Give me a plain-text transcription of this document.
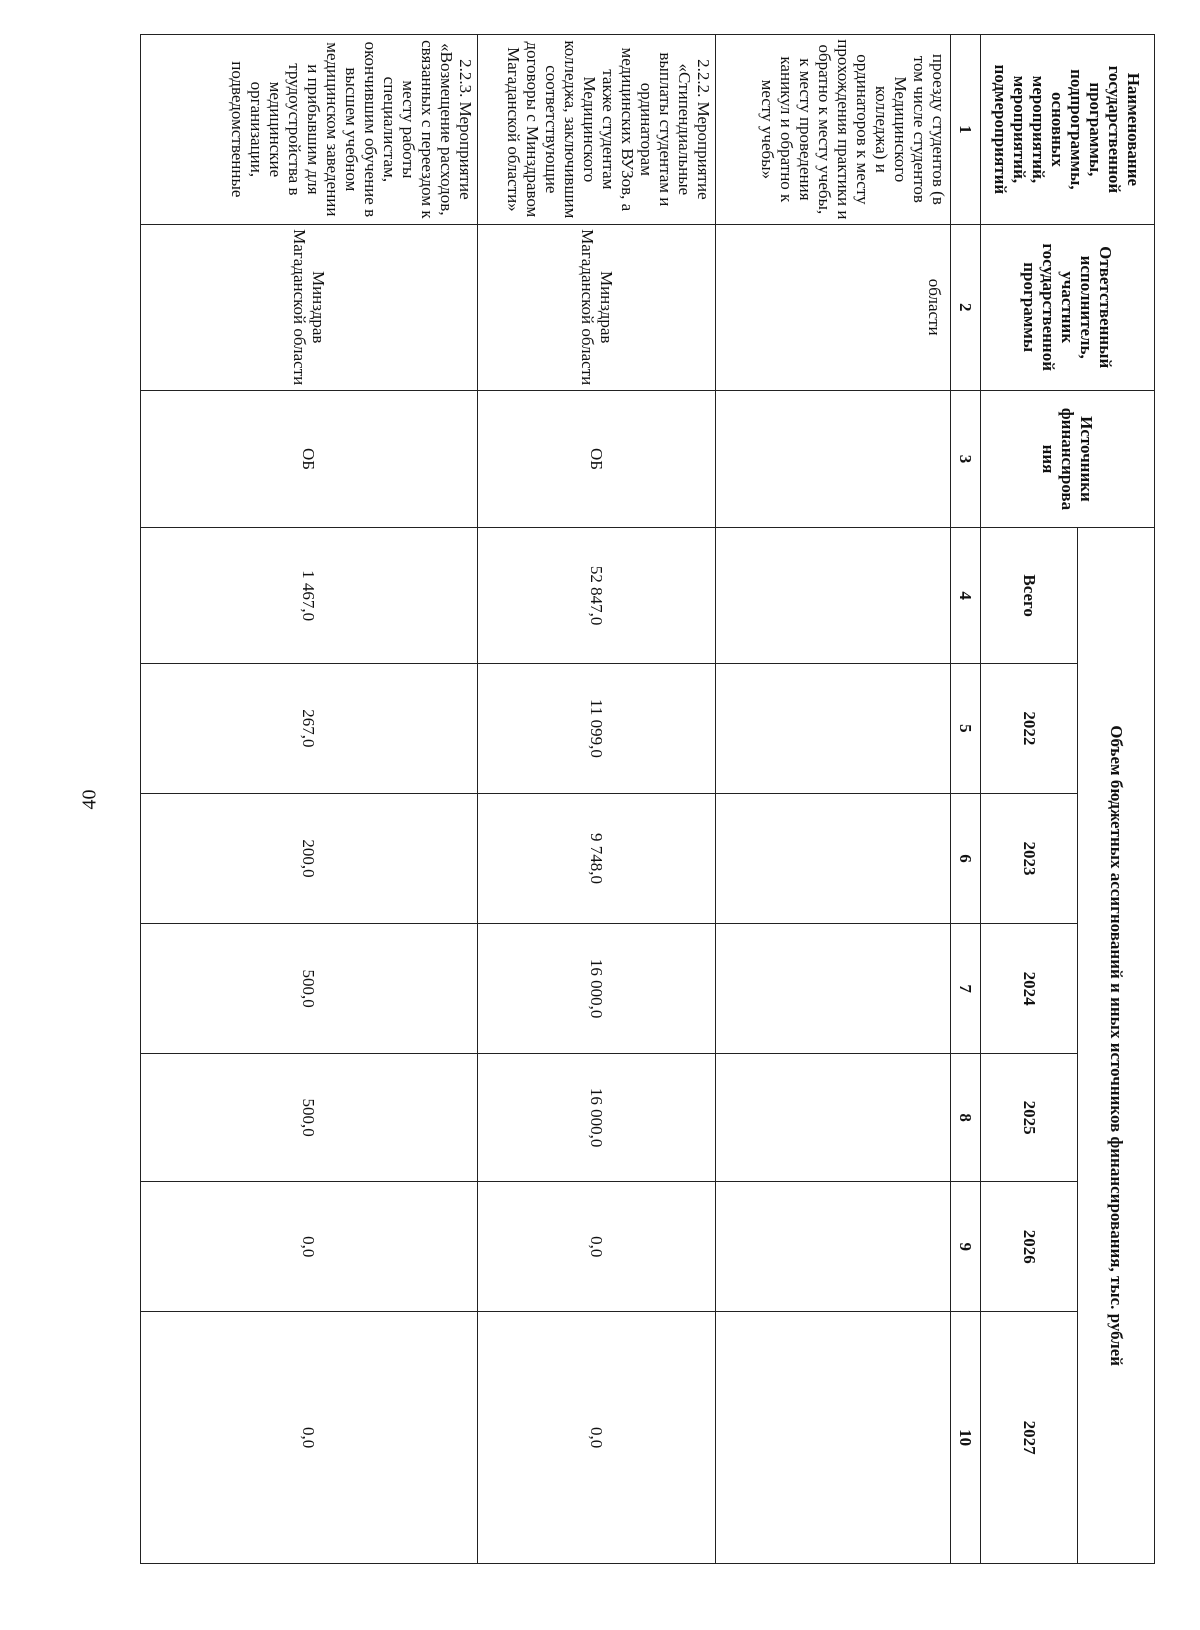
40
Наименование государственной программы, подпрограммы, основных мероприятий, мероприятий, подмероприятий	Ответственный исполнитель, участник государственной программы	Источники финансирова ния	Объем бюджетных ассигнований и иных источников финансирования, тыс. рублей						
			Всего	2022	2023	2024	2025	2026	2027
1	2	3	4	5	6	7	8	9	10

проезду студентов (в том числе студентов Медицинского колледжа) и ординаторов к месту прохождения практики и обратно к месту учебы, к месту проведения каникул и обратно к месту учебы»	области								

2.2.2. Мероприятие
«Стипендиальные выплаты студентам и ординаторам медицинских ВУЗов, а также студентам Медицинского колледжа, заключившим соответствующие договоры с Минздравом Магаданской области»	Минздрав Магаданской области	ОБ	52 847,0	11 099,0	9 748,0	16 000,0	16 000,0	0,0	0,0

2.2.3. Мероприятие
«Возмещение расходов, связанных с переездом к месту работы специалистам, окончившим обучение в высшем учебном медицинском заведении и прибывшим для трудоустройства в медицинские организации, подведомственные	Минздрав Магаданской области	ОБ	1 467,0	267,0	200,0	500,0	500,0	0,0	0,0
